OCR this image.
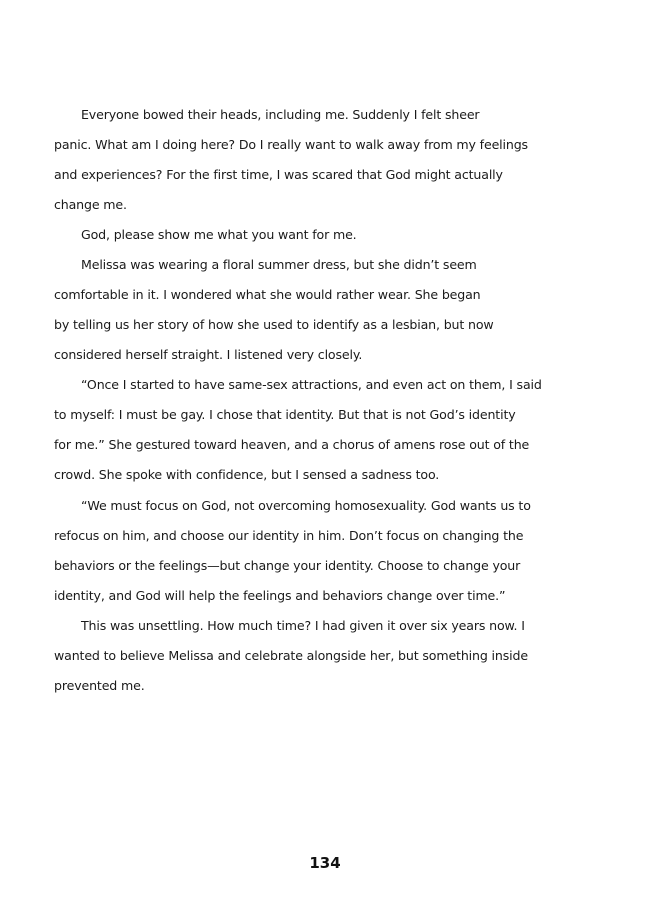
Everyone bowed their heads, including me. Suddenly I felt sheer
panic. What am I doing here? Do I really want to walk away from my feelings
and experiences? For the first time, I was scared that God might actually
change me.
God, please show me what you want for me.
Melissa was wearing a floral summer dress, but she didn’t seem
comfortable in it. I wondered what she would rather wear. She began
by telling us her story of how she used to identify as a lesbian, but now
considered herself straight. I listened very closely.
“Once I started to have same-sex attractions, and even act on them, I said
to myself: I must be gay. I chose that identity. But that is not God’s identity
for me.” She gestured toward heaven, and a chorus of amens rose out of the
crowd. She spoke with confidence, but I sensed a sadness too.
“We must focus on God, not overcoming homosexuality. God wants us to
refocus on him, and choose our identity in him. Don’t focus on changing the
behaviors or the feelings—but change your identity. Choose to change your
identity, and God will help the feelings and behaviors change over time.”
This was unsettling. How much time? I had given it over six years now. I
wanted to believe Melissa and celebrate alongside her, but something inside
prevented me.
134
